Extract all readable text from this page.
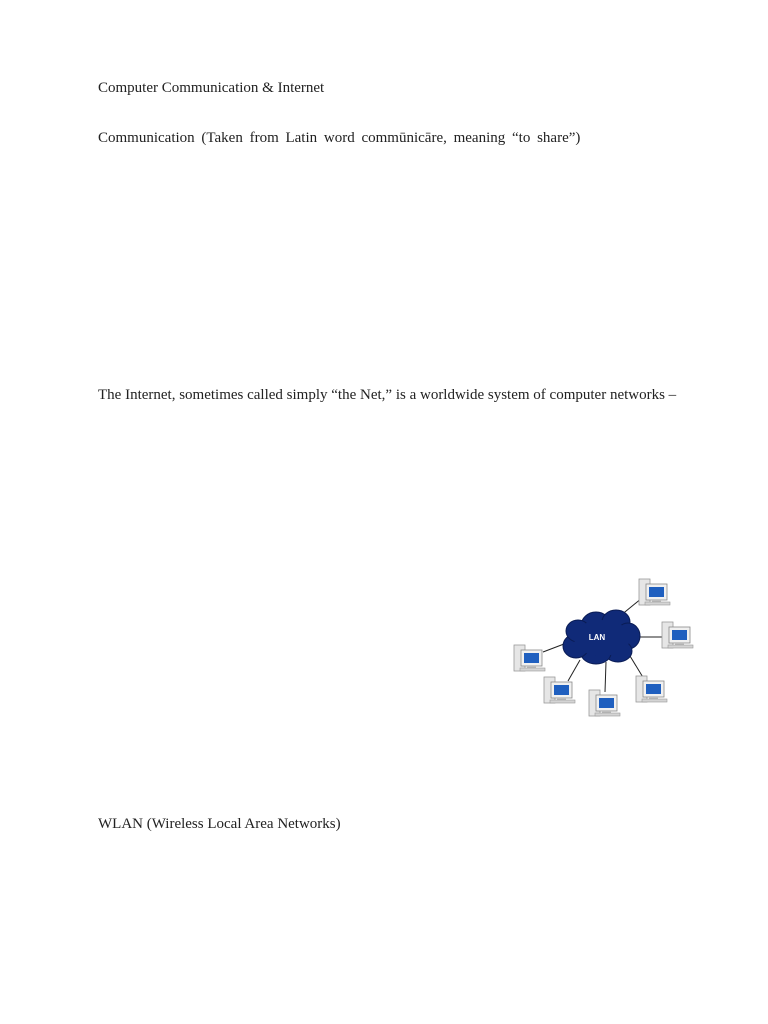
Computer Communication & Internet
Communication (Taken from Latin word commūnicāre, meaning “to share”)
The Internet, sometimes called simply “the Net,” is a worldwide system of computer networks –
LAN
WLAN (Wireless Local Area Networks)
